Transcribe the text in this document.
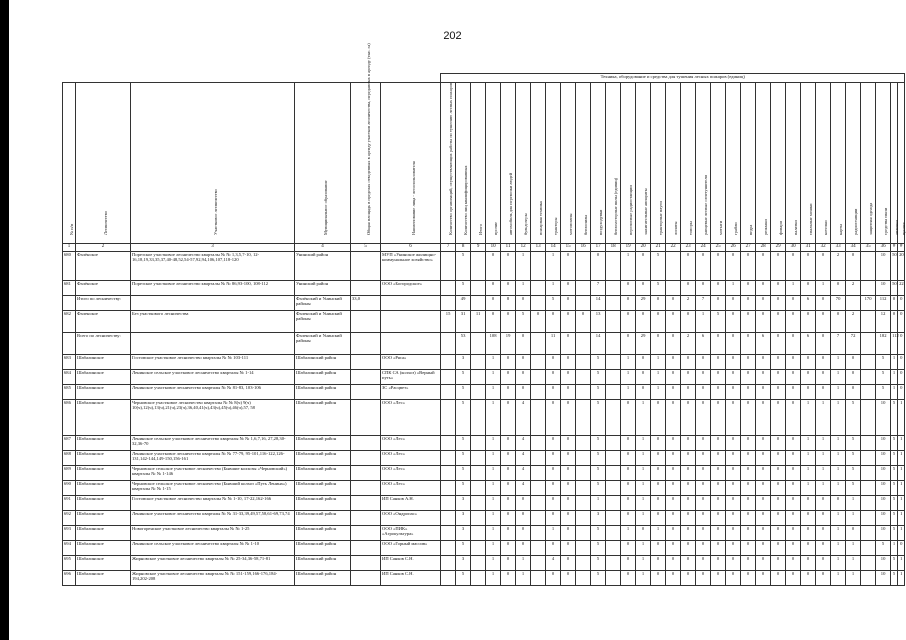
202
						Техника, оборудование и средства для тушения лесных пожаров (единиц)																															

№ п/п	Лесничество	Участковое лесничество	Муниципальное образование	Общая площадь в пределах отведенных в аренду участков лесничества, переданных в аренду (тыс. га)	Наименование лица - лесопользователя	Количество организаций, осуществляющих работы по тушению лесных пожаров	Количество лиц квалифицированных	Итого	прочие	автомобиль для перевозки людей	бульдозеры	пожарная техника	тракторы	мотопомпы	бензопилы	воздуходувки	бензомоторные пилы (единиц)	переносные радиостанции	зажигательные аппараты	тракторные плуги	лопаты	топоры	ранцевые лесные огнетушители	мотыги	грабли	ведра	рюкзаки	фонари	палатки	спальные мешки	котелки	карты	радиостанции	защитная одежда	средства связи	аптечки	прочее

1	2	3	4	5	6	7	8	9	10	11	12	13	14	15	16	17	18	19	20	21	22	23	24	25	26	27	28	29	30	31	32	33	34	35	36	#	#
680	Фалёнское	Порезское участковое лесничество кварталы № № 1,3,5,7-10, 12-16,18,19,33,35,37,40-48,52,54-57,92,94,106,107,118-120	Унинский район		МУП «Унинское жилищно-коммунальное хозяйство»		5		0	0	1		1	0		0		1	0	5		0	0	0	0	0	0	0	0	0	0	2	0		10	50	20
681	Фалёнское	Порезское участковое лесничество кварталы № № 86,93-100, 108-112	Унинский район		ООО «Богородское»		5		0	0	1		1	0		7		0	0	5		0	0	0	1	0	0	0	1	0	1	0	2		10	50	22
	Итого по лесничеству:		Фалёнский и Унинский районы	33,0			49		0	8	0		5	0		14		0	29	0	0	2	7	0	0	0	0	0	0	6	0	70		170	112	0	0
682	Фаленское	Без участкового лесничества	Фаленский и Унинский районы			15	31	11	0	0	5	0	0	0	0	13		0	0	0	0	0	1	5	0	0	0	0	0	0	0	0	2		12	0	0
	Всего по лесничеству:		Фаленский и Унинский районы				53		108	19	0		11	0		14		0	29	0	0	2	6	0	0	0	6	0	0	6	0	7	72		182	112	0
683	Шабалинское	Гостовское участковое лесничество кварталы № № 103-111	Шабалинский район		ООО «Ряса»		3		1	0	0		0	0		5		1	0	1	0	0	0	0	0	0	0	0	0	0	0	1	0		5	1	0
684	Шабалинское	Ленинское сельское участковое лесничество кварталы № 1-14	Шабалинский район		СПК СА (колхоз) «Верный путь»		5		1	0	0		0	0		5		1	0	1	0	0	0	0	0	0	0	0	0	0	0	1	0		5	1	0
685	Шабалинское	Ленинское участковое лесничество кварталы № № 81-83, 103-106	Шабалинский район		ЗС «Расцвет»		5		1	0	0		0	0		5		1	0	1	0	0	0	0	0	0	0	0	0	0	0	1	0		5	1	0
686	Шабалинское	Черновское участковое лесничество кварталы № № 8(ч) 9(ч) 10(ч),12(ч),13(ч),21(ч),23(ч),36,40,41(ч),43(ч),45(ч),46(ч),57, 58	Шабалинский район		ООО «Лес»		5		1	0	4		0	0		5		0	1	0	0	0	0	0	0	0	0	0	0	1	1	1	5		10	5	1
687	Шабалинское	Ленинское сельское участковое лесничество кварталы № № 1,6,7,16, 27,28,30-32,36-70	Шабалинский район		ООО «Лес»		5		1	0	4		0	0		5		0	1	0	0	0	0	0	0	0	0	0	0	1	1	1	5		10	5	1
688	Шабалинское	Ленинское участковое лесничество кварталы № № 77-79, 95-101,116-122,126-131,142-144,149-150,156-161	Шабалинский район		ООО «Лес»		5		1	0	4		0	0		5		0	1	0	0	0	0	0	0	0	0	0	0	1	1	1	5		10	5	1
689	Шабалинское	Черновское сельское участковое лесничество (Бывшие колхозы «Черновский») кварталы № № 1-146	Шабалинский район		ООО «Лес»		5		1	0	4		0	0		5		0	1	0	0	0	0	0	0	0	0	0	0	1	1	1	5		10	5	1
690	Шабалинское	Черновское сельское участковое лесничество (Бывший колхоз «Путь Ленина») кварталы № № 1-15	Шабалинский район		ООО «Лес»		5		1	0	4		0	0		5		0	1	0	0	0	0	0	0	0	0	0	0	1	1	1	5		10	5	1
691	Шабалинское	Гостовское участковое лесничество кварталы № № 1-10, 17-22,162-166	Шабалинский район		ИП Санков А.Н.		3		1	0	0		0	0		1		0	1	0	0	0	0	0	0	0	0	0	0	0	0	0	1		10	5	1
692	Шабалинское	Ленинское участковое лесничество кварталы № № 31-33,39,49,57,58,61-69,73,74	Шабалинский район		ООО «Ондропас»		3		1	0	0		0	0		3		0	1	0	0	0	0	0	0	0	0	0	0	0	0	1	1		10	5	1
693	Шабалинское	Новогоренское участковое лесничество кварталы № № 1-25	Шабалинский район		ООО «ПИК» «Агрокультура»		3		1	0	0		1	0		5		1	0	1	0	0	0	0	0	0	0	0	0	0	0	1	0		10	5	1
694	Шабалинское	Ленинское сельское участковое лесничество кварталы № № 1-10	Шабалинский район		ООО «Горный массив»		5		1	0	0		0	0		5		0	1	0	0	0	0	0	0	0	0	0	0	0	0	1	1		5	1	0
695	Шабалинское	Жирновское участковое лесничество кварталы № № 25-34,36-58,71-81	Шабалинский район		ИП Санков С.Н.		3		1	0	1		4	0		5		0	1	0	0	0	0	0	0	0	0	0	0	0	0	1	1		10	5	1
696	Шабалинское	Жирновское участковое лесничество кварталы № № 151-159,166-176,184-194,202-208	Шабалинский район		ИП Санков С.Н.		5		1	0	1		0	0		5		0	1	0	0	0	0	0	0	0	0	0	0	0	0	1	1		10	5	1
